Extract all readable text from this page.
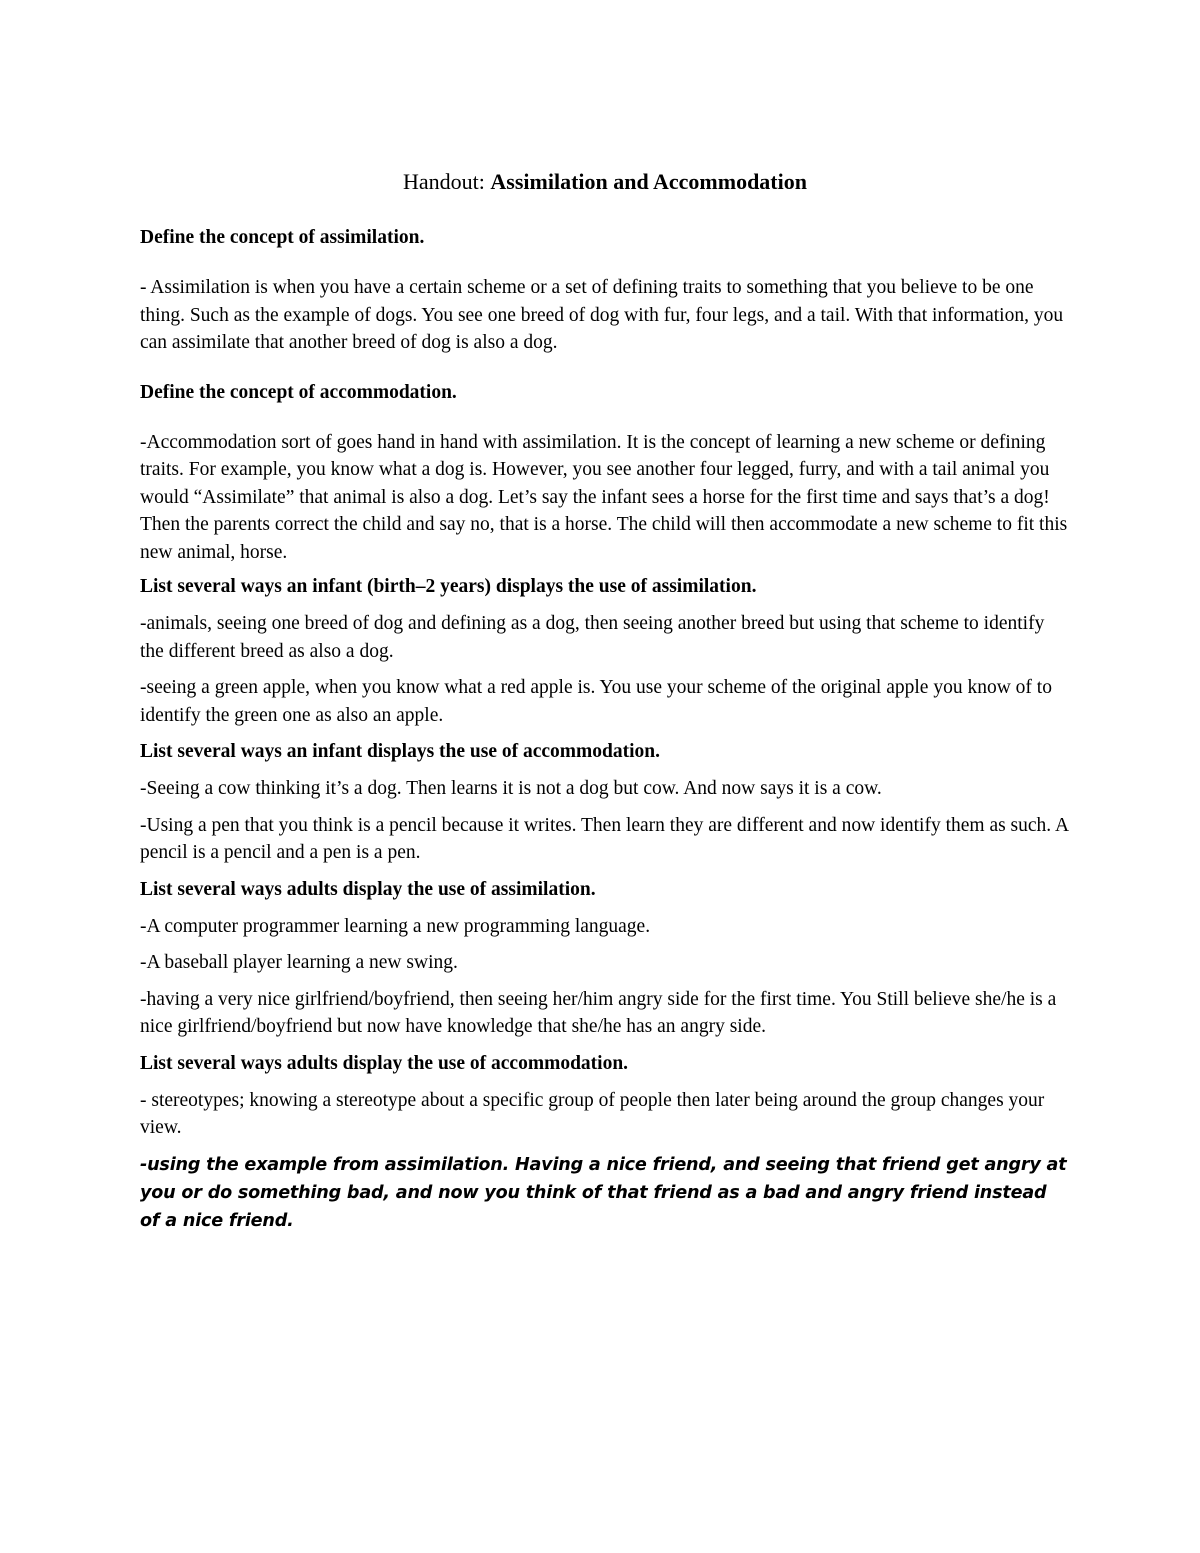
Handout: Assimilation and Accommodation

Define the concept of assimilation.

- Assimilation is when you have a certain scheme or a set of defining traits to something that you believe to be one thing. Such as the example of dogs. You see one breed of dog with fur, four legs, and a tail. With that information, you can assimilate that another breed of dog is also a dog.

Define the concept of accommodation.

-Accommodation sort of goes hand in hand with assimilation. It is the concept of learning a new scheme or defining traits. For example, you know what a dog is. However, you see another four legged, furry, and with a tail animal you would “Assimilate” that animal is also a dog. Let’s say the infant sees a horse for the first time and says that’s a dog! Then the parents correct the child and say no, that is a horse. The child will then accommodate a new scheme to fit this new animal, horse.

List several ways an infant (birth–2 years) displays the use of assimilation.

-animals, seeing one breed of dog and defining as a dog, then seeing another breed but using that scheme to identify the different breed as also a dog.

-seeing a green apple, when you know what a red apple is. You use your scheme of the original apple you know of to identify the green one as also an apple.

List several ways an infant displays the use of accommodation.

-Seeing a cow thinking it’s a dog. Then learns it is not a dog but cow. And now says it is a cow.

-Using a pen that you think is a pencil because it writes. Then learn they are different and now identify them as such. A pencil is a pencil and a pen is a pen.

List several ways adults display the use of assimilation.

-A computer programmer learning a new programming language.

-A baseball player learning a new swing.

-having a very nice girlfriend/boyfriend, then seeing her/him angry side for the first time. You Still believe she/he is a nice girlfriend/boyfriend but now have knowledge that she/he has an angry side.

List several ways adults display the use of accommodation.

- stereotypes; knowing a stereotype about a specific group of people then later being around the group changes your view.

-using the example from assimilation. Having a nice friend, and seeing that friend get angry at you or do something bad, and now you think of that friend as a bad and angry friend instead of a nice friend.
